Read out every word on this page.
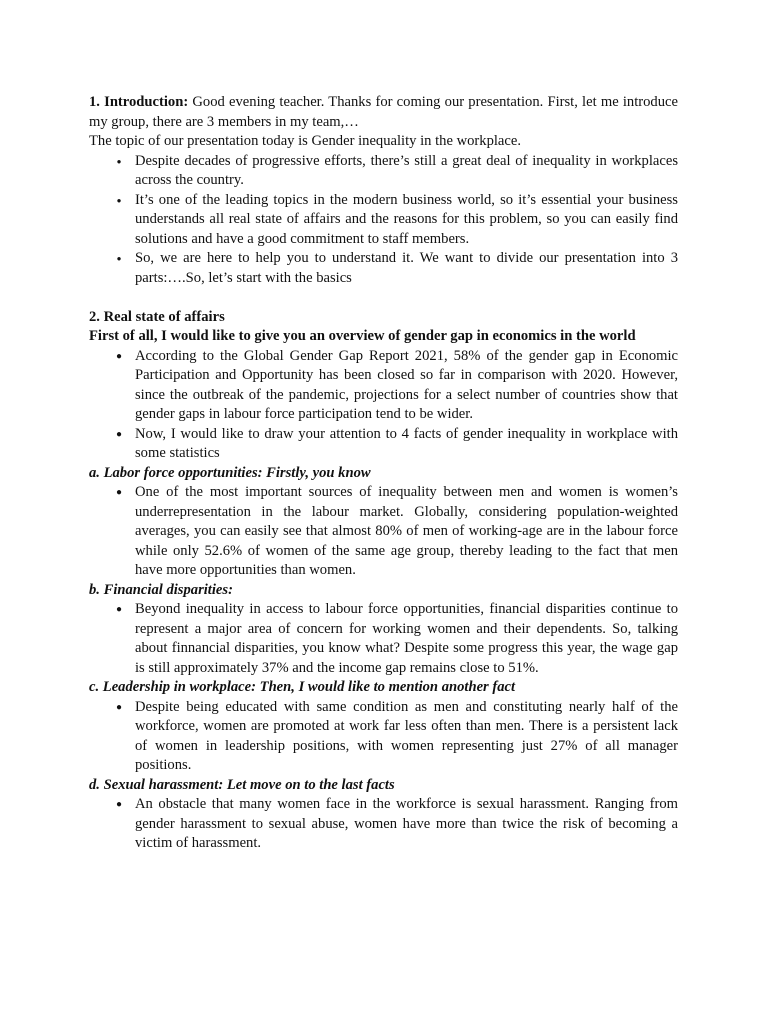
1. Introduction: Good evening teacher. Thanks for coming our presentation. First, let me introduce my group, there are 3 members in my team,…

The topic of our presentation today is Gender inequality in the workplace.

● Despite decades of progressive efforts, there’s still a great deal of inequality in workplaces across the country.
● It’s one of the leading topics in the modern business world, so it’s essential your business understands all real state of affairs and the reasons for this problem, so you can easily find solutions and have a good commitment to staff members.
● So, we are here to help you to understand it. We want to divide our presentation into 3 parts:….So, let’s start with the basics

2. Real state of affairs

First of all, I would like to give you an overview of gender gap in economics in the world

● According to the Global Gender Gap Report 2021, 58% of the gender gap in Economic Participation and Opportunity has been closed so far in comparison with 2020. However, since the outbreak of the pandemic, projections for a select number of countries show that gender gaps in labour force participation tend to be wider.
● Now, I would like to draw your attention to 4 facts of gender inequality in workplace with some statistics

a. Labor force opportunities: Firstly, you know

● One of the most important sources of inequality between men and women is women’s underrepresentation in the labour market. Globally, considering population-weighted averages, you can easily see that almost 80% of men of working-age are in the labour force while only 52.6% of women of the same age group, thereby leading to the fact that men have more opportunities than women.

b. Financial disparities:

● Beyond inequality in access to labour force opportunities, financial disparities continue to represent a major area of concern for working women and their dependents. So, talking about finnancial disparities, you know what? Despite some progress this year, the wage gap is still approximately 37% and the income gap remains close to 51%.

c. Leadership in workplace: Then, I would like to mention another fact

● Despite being educated with same condition as men and constituting nearly half of the workforce, women are promoted at work far less often than men. There is a persistent lack of women in leadership positions, with women representing just 27% of all manager positions.

d. Sexual harassment: Let move on to the last facts

● An obstacle that many women face in the workforce is sexual harassment. Ranging from gender harassment to sexual abuse, women have more than twice the risk of becoming a victim of harassment.
